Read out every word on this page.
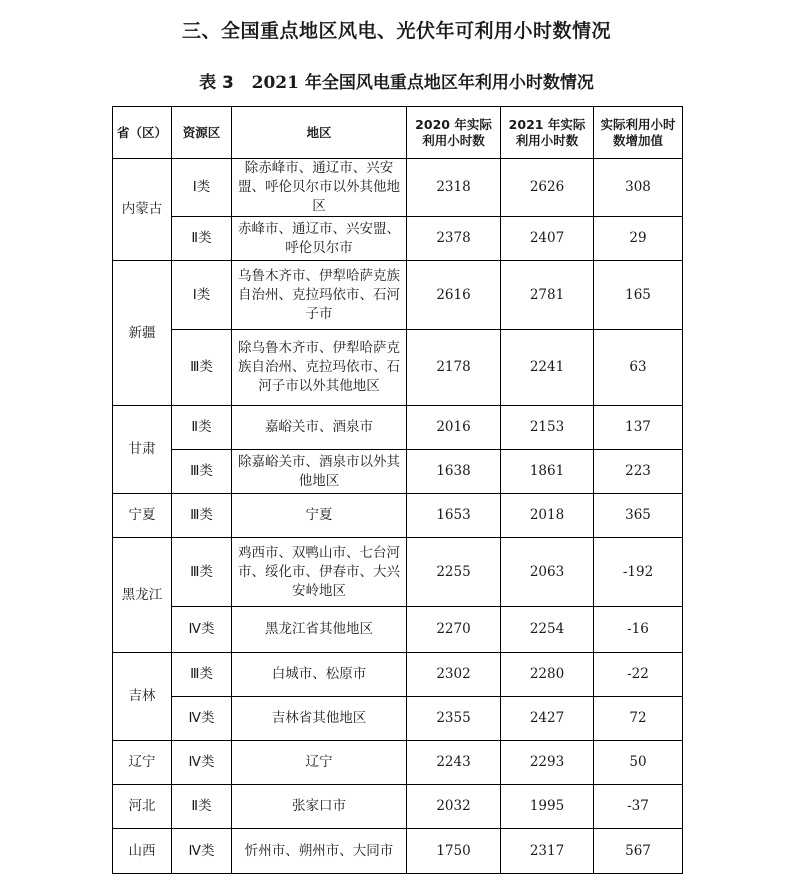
三、全国重点地区风电、光伏年可利用小时数情况
表 3 2021 年全国风电重点地区年利用小时数情况
省（区）	资源区	地区	2020 年实际利用小时数	2021 年实际利用小时数	实际利用小时数增加值
内蒙古	Ⅰ类	除赤峰市、通辽市、兴安盟、呼伦贝尔市以外其他地区	2318	2626	308
	Ⅱ类	赤峰市、通辽市、兴安盟、呼伦贝尔市	2378	2407	29
新疆	Ⅰ类	乌鲁木齐市、伊犁哈萨克族自治州、克拉玛依市、石河子市	2616	2781	165
	Ⅲ类	除乌鲁木齐市、伊犁哈萨克族自治州、克拉玛依市、石河子市以外其他地区	2178	2241	63
甘肃	Ⅱ类	嘉峪关市、酒泉市	2016	2153	137
	Ⅲ类	除嘉峪关市、酒泉市以外其他地区	1638	1861	223
宁夏	Ⅲ类	宁夏	1653	2018	365
黑龙江	Ⅲ类	鸡西市、双鸭山市、七台河市、绥化市、伊春市、大兴安岭地区	2255	2063	-192
	Ⅳ类	黑龙江省其他地区	2270	2254	-16
吉林	Ⅲ类	白城市、松原市	2302	2280	-22
	Ⅳ类	吉林省其他地区	2355	2427	72
辽宁	Ⅳ类	辽宁	2243	2293	50
河北	Ⅱ类	张家口市	2032	1995	-37
山西	Ⅳ类	忻州市、朔州市、大同市	1750	2317	567
